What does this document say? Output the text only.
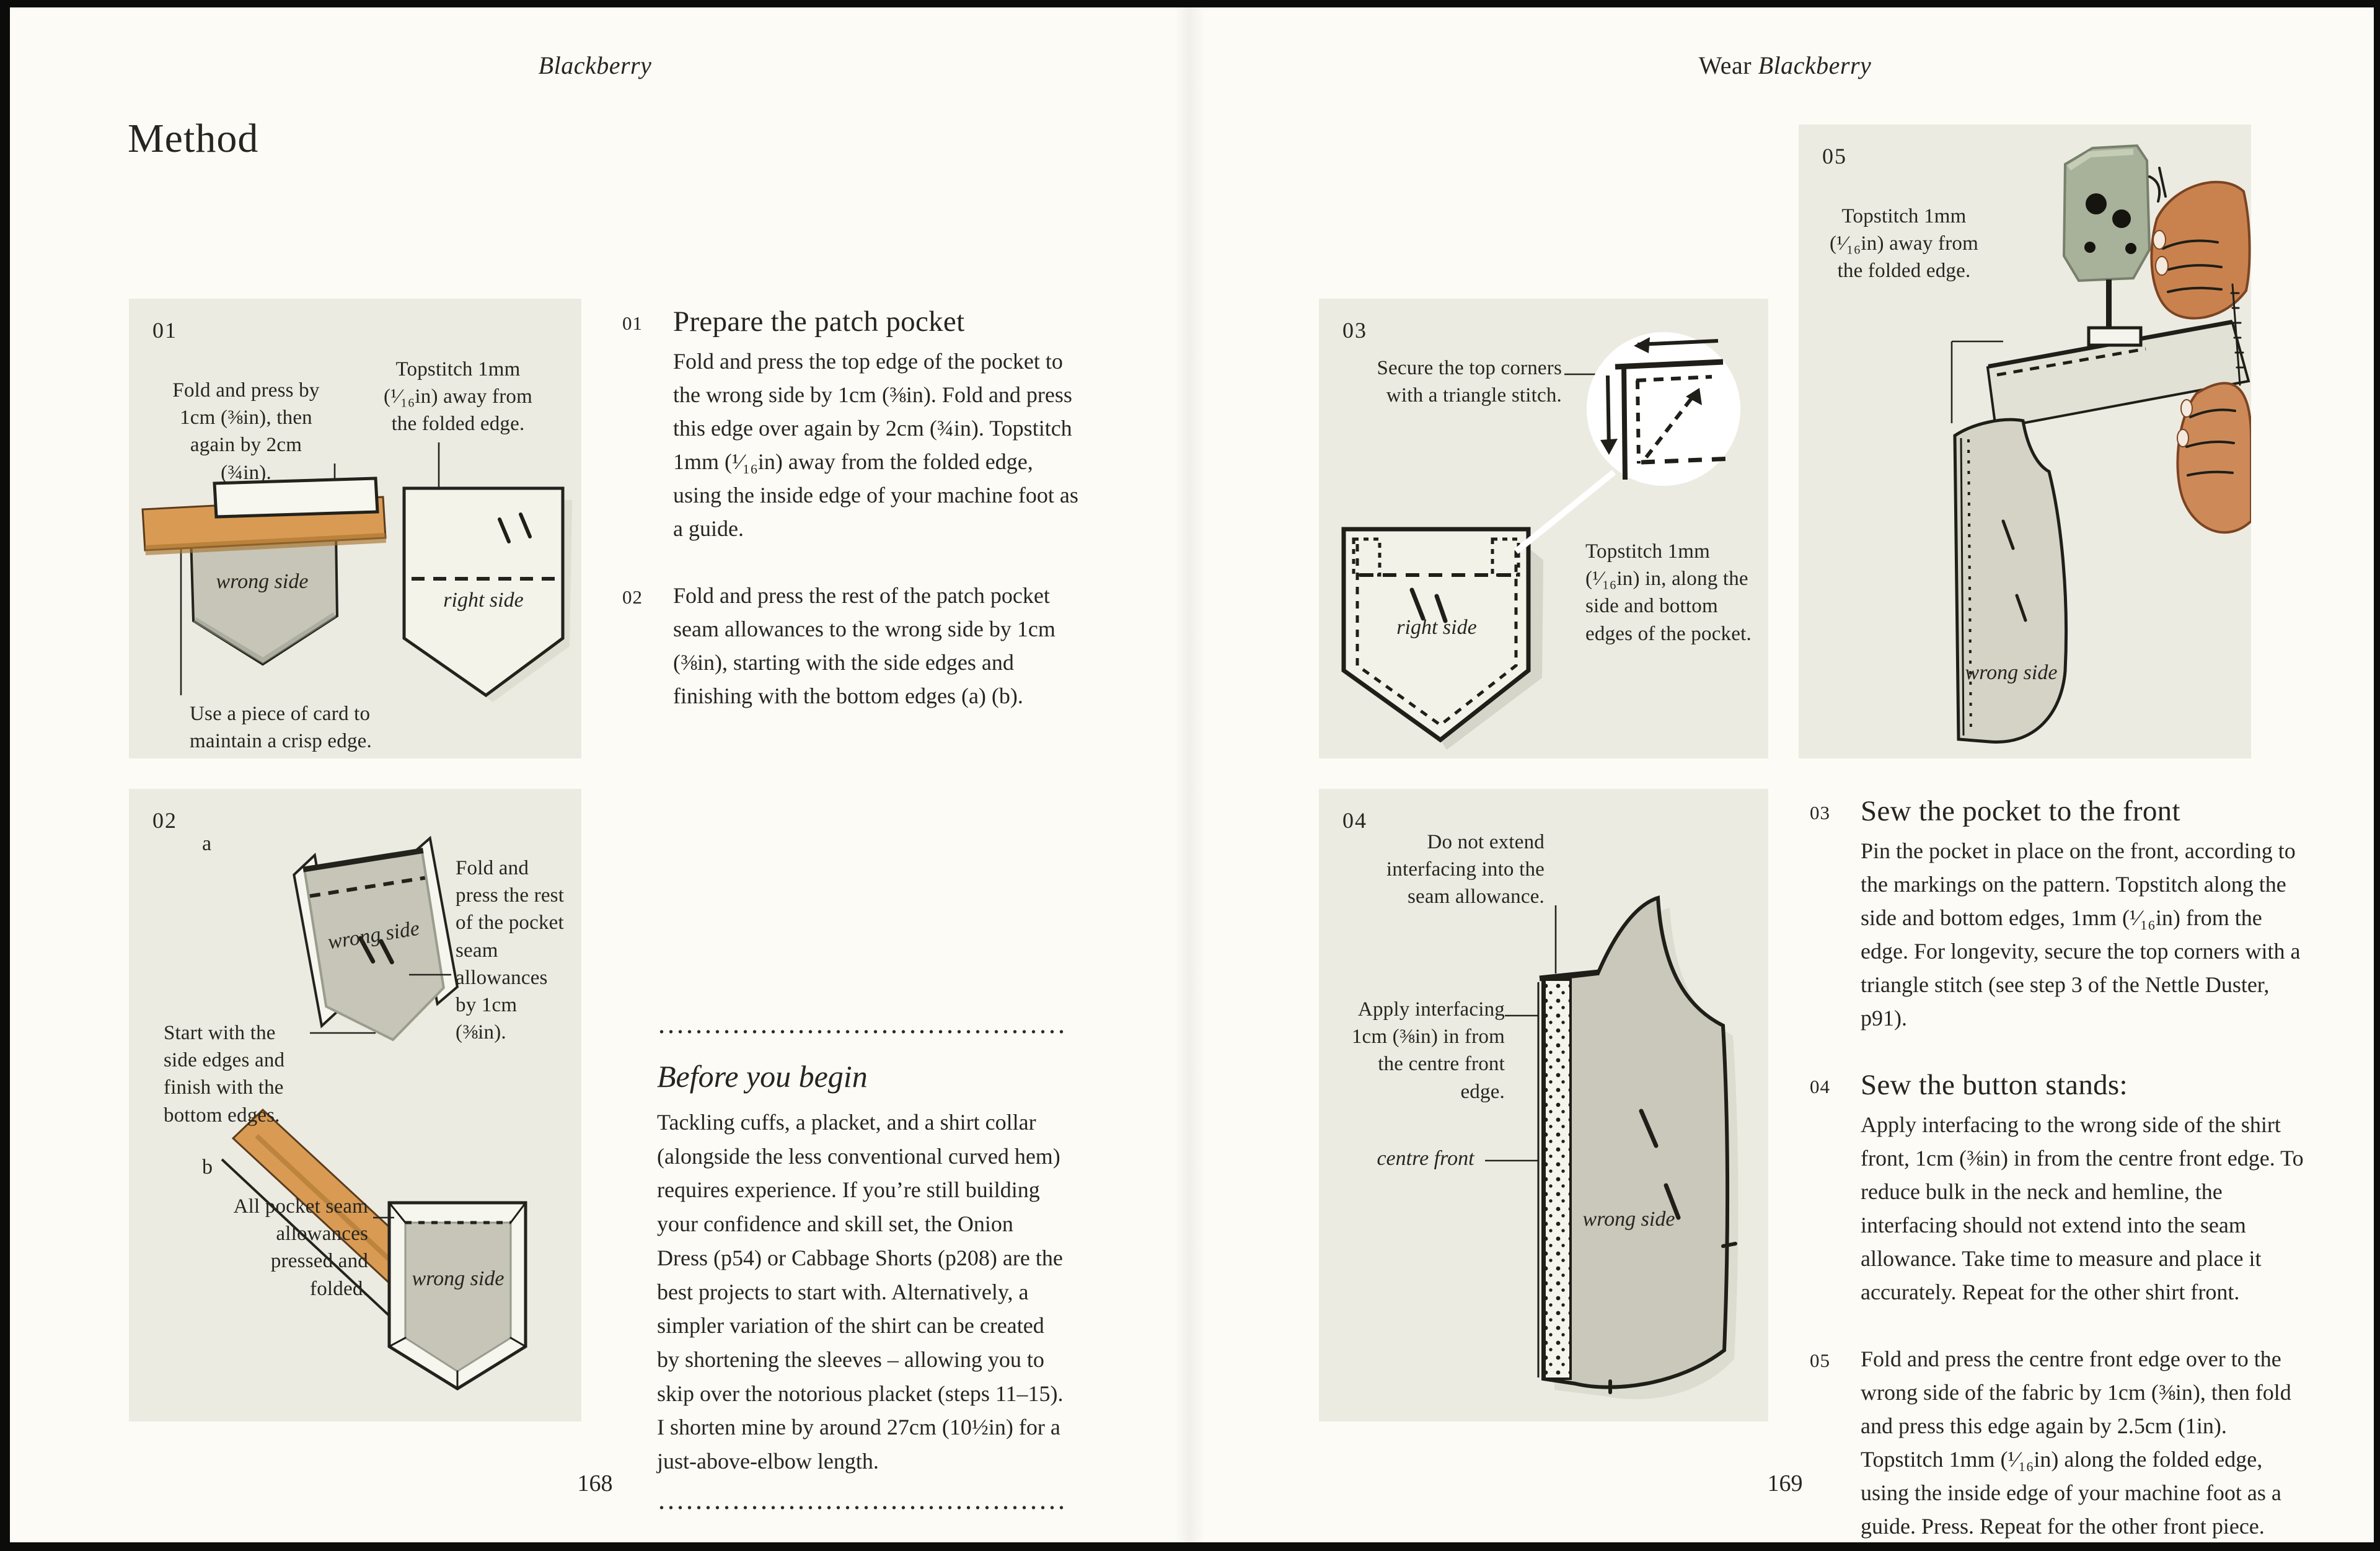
Blackberry
Method
01
Fold and press by 1cm (⅜in), then again by 2cm (¾in).
Topstitch 1mm (¹⁄₁₆in) away from the folded edge.
wrong side
right side
Use a piece of card to maintain a crisp edge.
02
a
wrong side
Fold and press the rest of the pocket seam allowances by 1cm (⅜in).
Start with the side edges and finish with the bottom edges.
b
All pocket seam allowances pressed and folded.	wrong side
01	Prepare the patch pocket

Fold and press the top edge of the pocket to the wrong side by 1cm (⅜in). Fold and press this edge over again by 2cm (¾in). Topstitch 1mm (¹⁄₁₆in) away from the folded edge, using the inside edge of your machine foot as a guide.

02	Fold and press the rest of the patch pocket seam allowances to the wrong side by 1cm (⅜in), starting with the side edges and finishing with the bottom edges (a) (b).

Before you begin

Tackling cuffs, a placket, and a shirt collar (alongside the less conventional curved hem) requires experience. If you’re still building your confidence and skill set, the Onion Dress (p54) or Cabbage Shorts (p208) are the best projects to start with. Alternatively, a simpler variation of the shirt can be created by shortening the sleeves – allowing you to skip over the notorious placket (steps 11–15). I shorten mine by around 27cm (10½in) for a just-above-elbow length.

168
Wear Blackberry
03
Secure the top corners with a triangle stitch.
right side
Topstitch 1mm (¹⁄₁₆in) in, along the side and bottom edges of the pocket.
04
Do not extend interfacing into the seam allowance.
Apply interfacing 1cm (⅜in) in from the centre front edge.
centre front
wrong side
05
Topstitch 1mm (¹⁄₁₆in) away from the folded edge.
wrong side
03	Sew the pocket to the front

Pin the pocket in place on the front, according to the markings on the pattern. Topstitch along the side and bottom edges, 1mm (¹⁄₁₆in) from the edge. For longevity, secure the top corners with a triangle stitch (see step 3 of the Nettle Duster, p91).

04	Sew the button stands:

Apply interfacing to the wrong side of the shirt front, 1cm (⅜in) in from the centre front edge. To reduce bulk in the neck and hemline, the interfacing should not extend into the seam allowance. Take time to measure and place it accurately. Repeat for the other shirt front.

05	Fold and press the centre front edge over to the wrong side of the fabric by 1cm (⅜in), then fold and press this edge again by 2.5cm (1in). Topstitch 1mm (¹⁄₁₆in) along the folded edge, using the inside edge of your machine foot as a guide. Press. Repeat for the other front piece.

169
